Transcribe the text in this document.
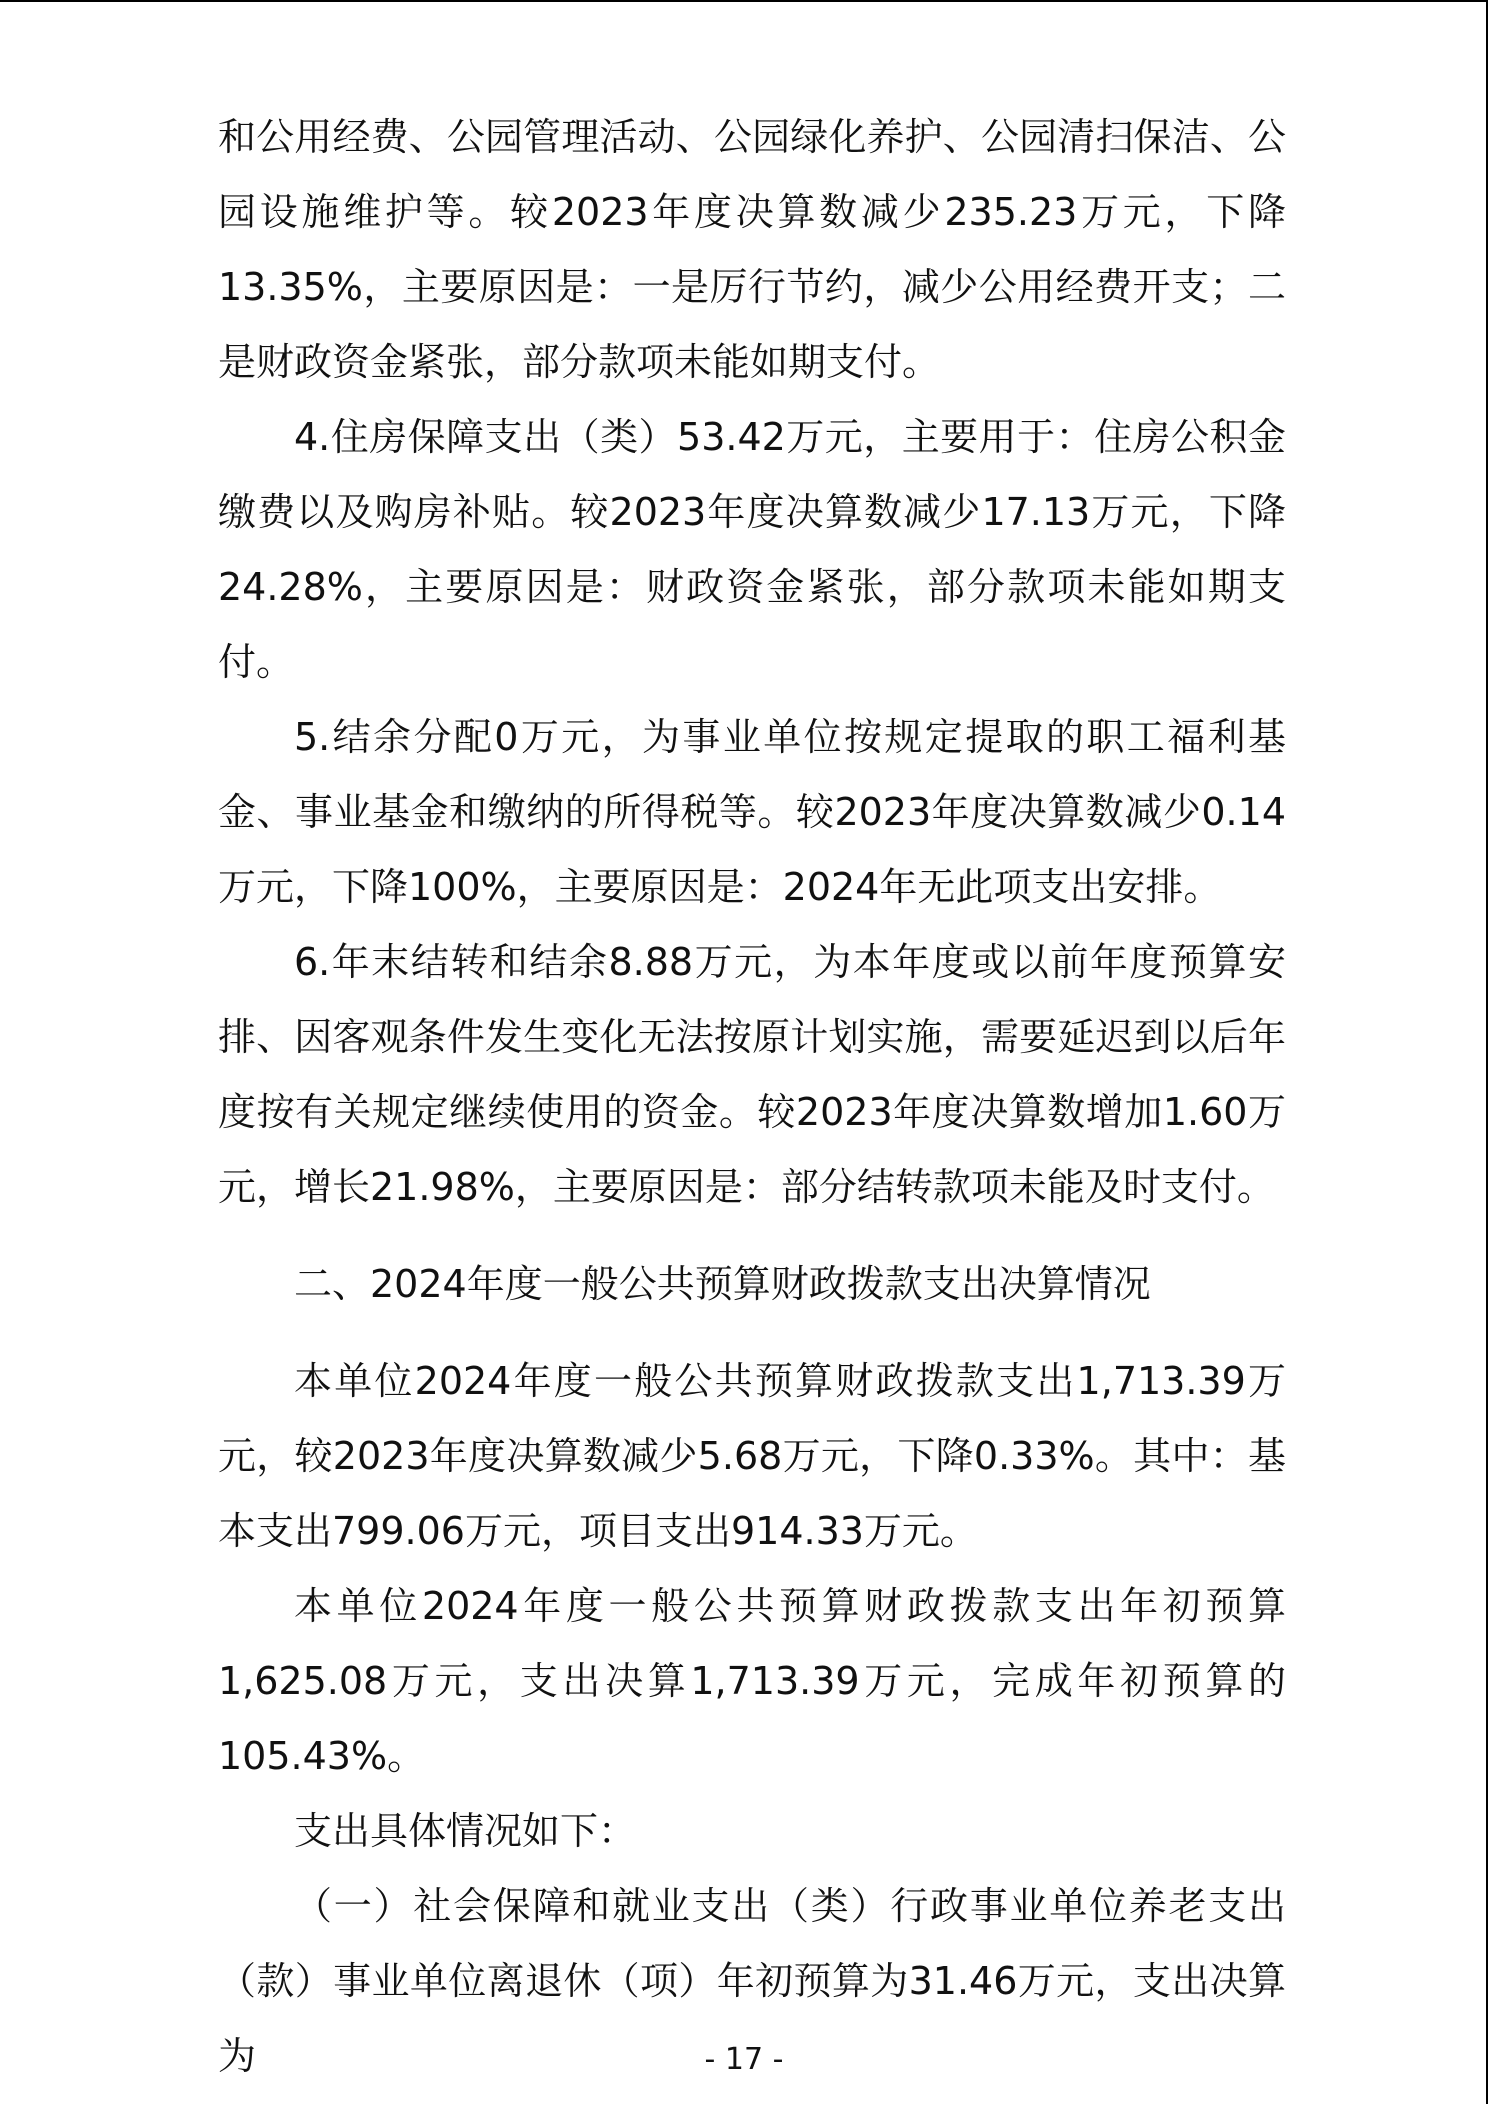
和公用经费、公园管理活动、公园绿化养护、公园清扫保洁、公园设施维护等。较2023年度决算数减少235.23万元，下降13.35%，主要原因是：一是厉行节约，减少公用经费开支；二是财政资金紧张，部分款项未能如期支付。

4.住房保障支出（类）53.42万元，主要用于：住房公积金缴费以及购房补贴。较2023年度决算数减少17.13万元，下降24.28%，主要原因是：财政资金紧张，部分款项未能如期支付。

5.结余分配0万元，为事业单位按规定提取的职工福利基金、事业基金和缴纳的所得税等。较2023年度决算数减少0.14万元，下降100%，主要原因是：2024年无此项支出安排。

6.年末结转和结余8.88万元，为本年度或以前年度预算安排、因客观条件发生变化无法按原计划实施，需要延迟到以后年度按有关规定继续使用的资金。较2023年度决算数增加1.60万元，增长21.98%，主要原因是：部分结转款项未能及时支付。

二、2024年度一般公共预算财政拨款支出决算情况

本单位2024年度一般公共预算财政拨款支出1,713.39万元，较2023年度决算数减少5.68万元，下降0.33%。其中：基本支出799.06万元，项目支出914.33万元。

本单位2024年度一般公共预算财政拨款支出年初预算1,625.08万元，支出决算1,713.39万元，完成年初预算的105.43%。

支出具体情况如下：

（一）社会保障和就业支出（类）行政事业单位养老支出（款）事业单位离退休（项）年初预算为31.46万元，支出决算为	- 17 -
